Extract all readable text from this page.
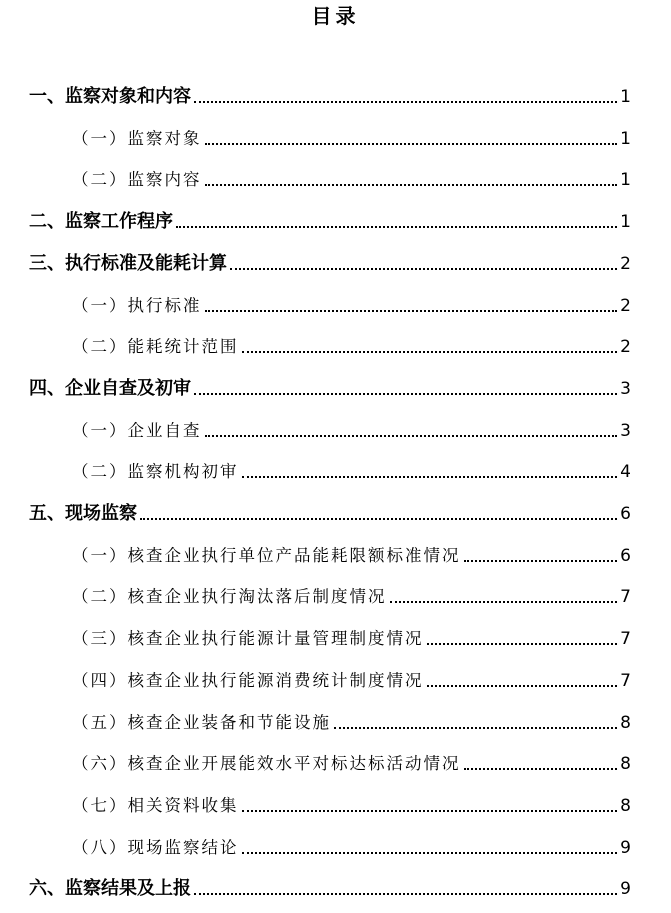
目录
一、监察对象和内容	1
（一）监察对象	1
（二）监察内容	1
二、监察工作程序	1
三、执行标准及能耗计算	2
（一）执行标准	2
（二）能耗统计范围	2
四、企业自查及初审	3
（一）企业自查	3
（二）监察机构初审	4
五、现场监察	6
（一）核查企业执行单位产品能耗限额标准情况	6
（二）核查企业执行淘汰落后制度情况	7
（三）核查企业执行能源计量管理制度情况	7
（四）核查企业执行能源消费统计制度情况	7
（五）核查企业装备和节能设施	8
（六）核查企业开展能效水平对标达标活动情况	8
（七）相关资料收集	8
（八）现场监察结论	9
六、监察结果及上报	9
